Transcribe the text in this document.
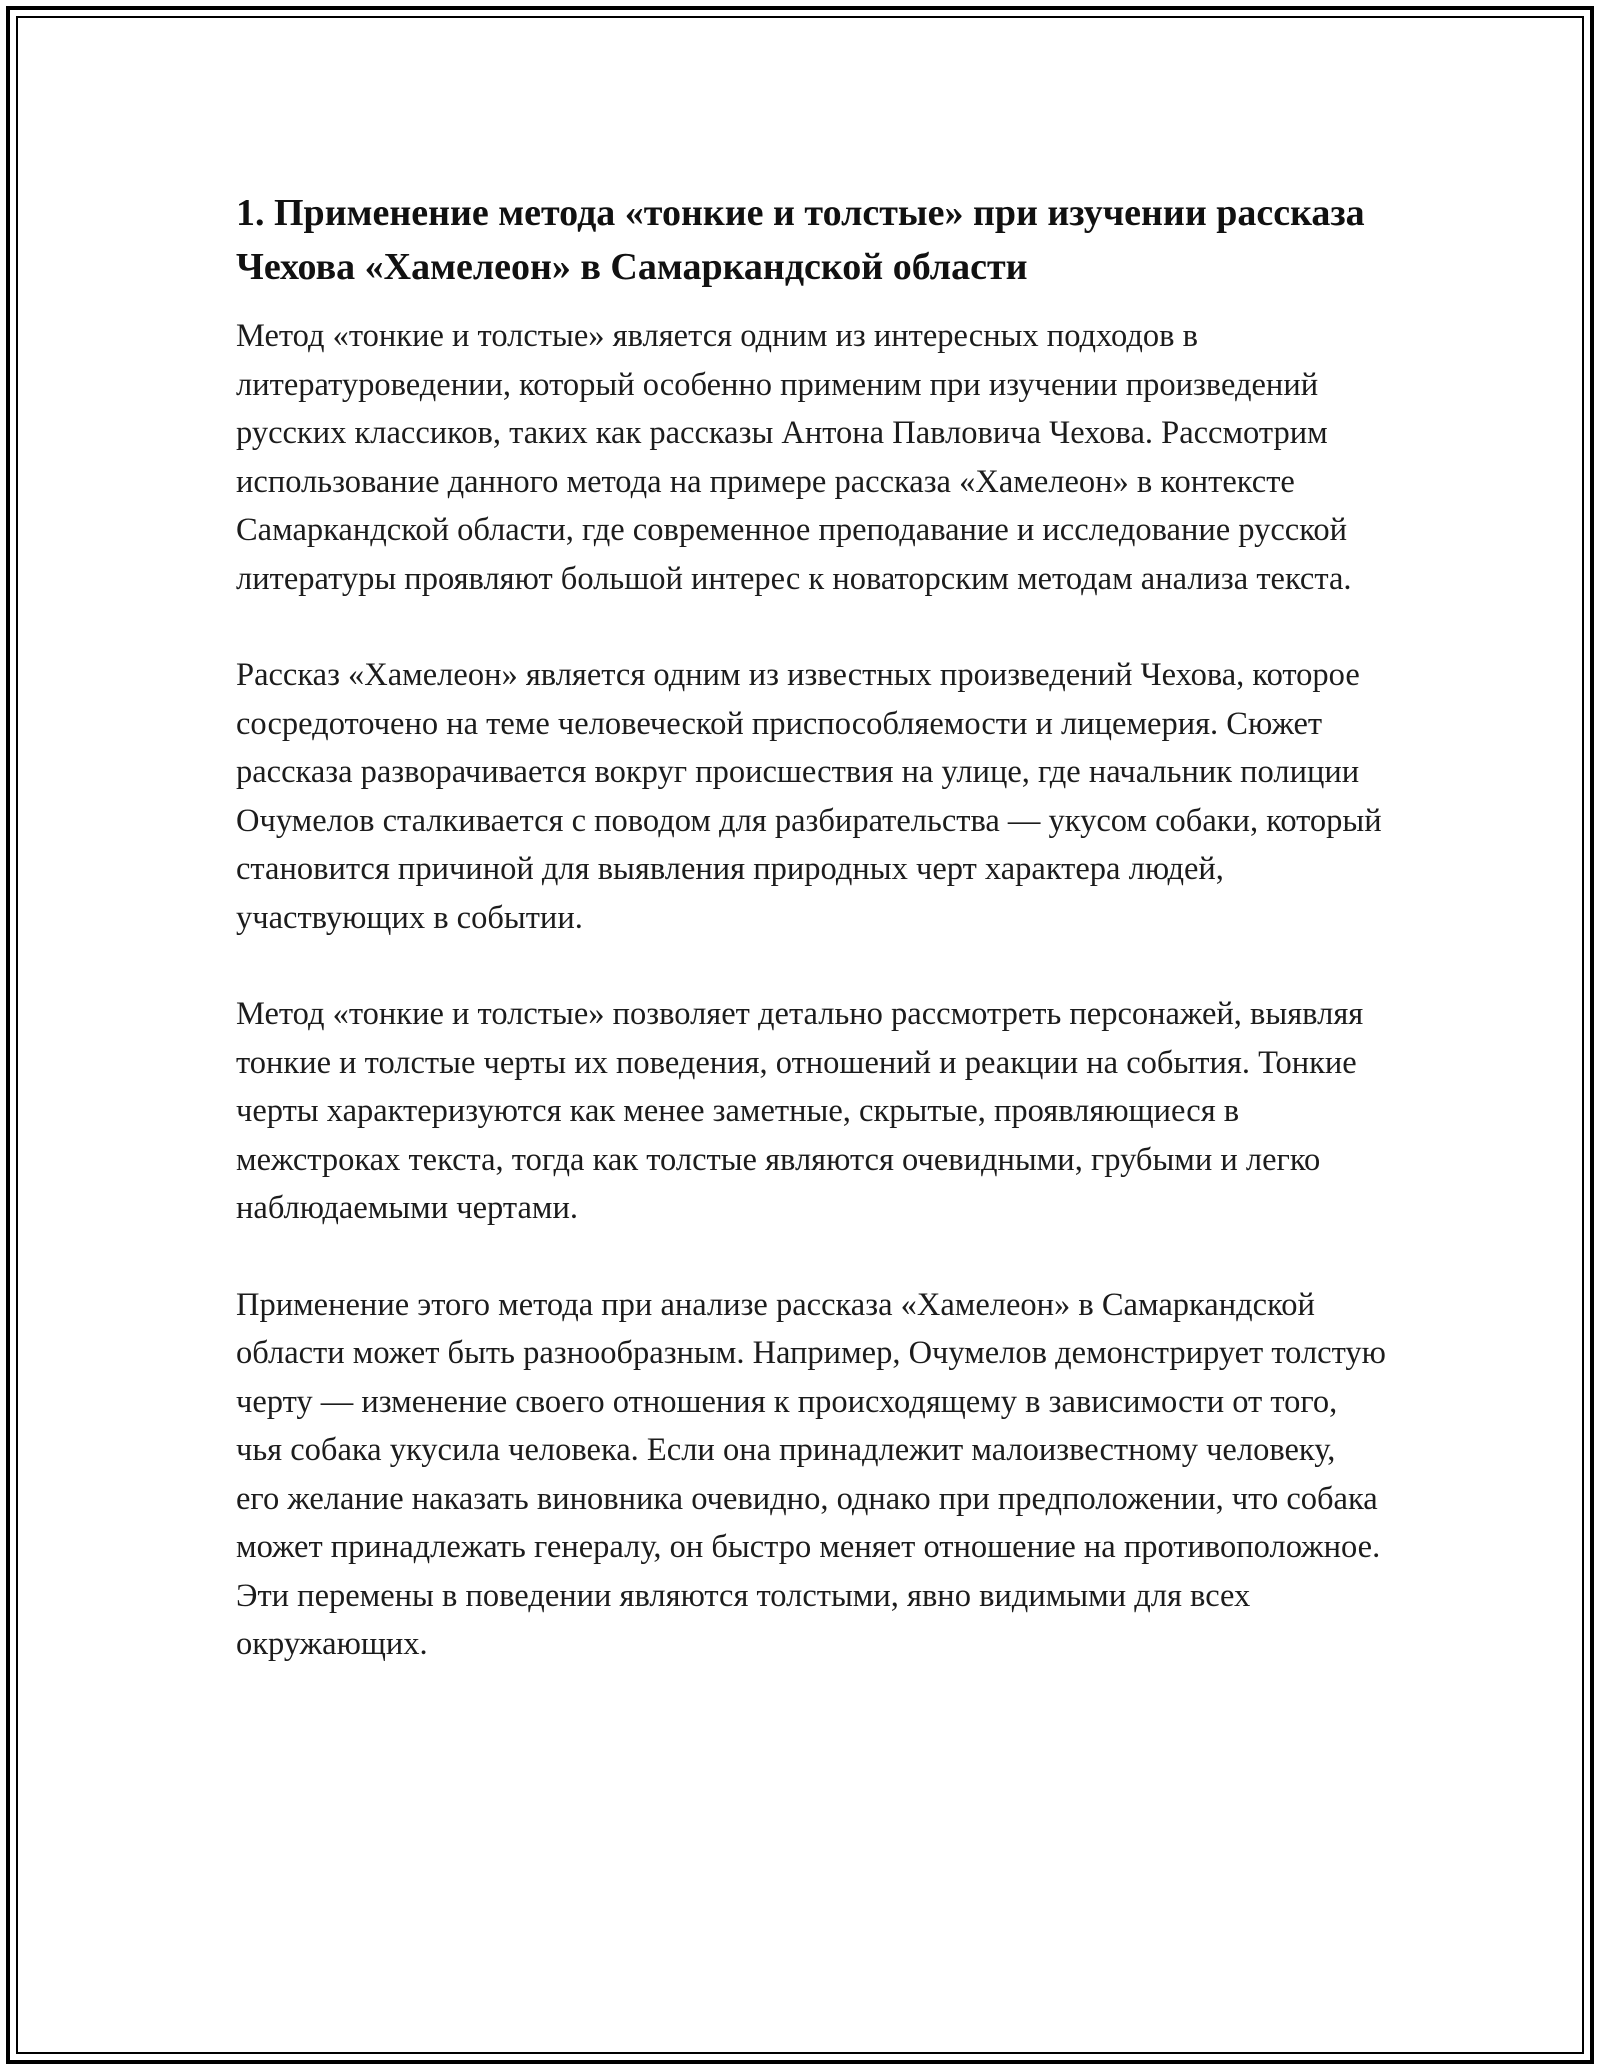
1. Применение метода «тонкие и толстые» при изучении рассказа Чехова «Хамелеон» в Самаркандской области

Метод «тонкие и толстые» является одним из интересных подходов в литературоведении, который особенно применим при изучении произведений русских классиков, таких как рассказы Антона Павловича Чехова. Рассмотрим использование данного метода на примере рассказа «Хамелеон» в контексте Самаркандской области, где современное преподавание и исследование русской литературы проявляют большой интерес к новаторским методам анализа текста.

Рассказ «Хамелеон» является одним из известных произведений Чехова, которое сосредоточено на теме человеческой приспособляемости и лицемерия. Сюжет рассказа разворачивается вокруг происшествия на улице, где начальник полиции Очумелов сталкивается с поводом для разбирательства — укусом собаки, который становится причиной для выявления природных черт характера людей, участвующих в событии.

Метод «тонкие и толстые» позволяет детально рассмотреть персонажей, выявляя тонкие и толстые черты их поведения, отношений и реакции на события. Тонкие черты характеризуются как менее заметные, скрытые, проявляющиеся в межстроках текста, тогда как толстые являются очевидными, грубыми и легко наблюдаемыми чертами.

Применение этого метода при анализе рассказа «Хамелеон» в Самаркандской области может быть разнообразным. Например, Очумелов демонстрирует толстую черту — изменение своего отношения к происходящему в зависимости от того, чья собака укусила человека. Если она принадлежит малоизвестному человеку, его желание наказать виновника очевидно, однако при предположении, что собака может принадлежать генералу, он быстро меняет отношение на противоположное. Эти перемены в поведении являются толстыми, явно видимыми для всех окружающих.
